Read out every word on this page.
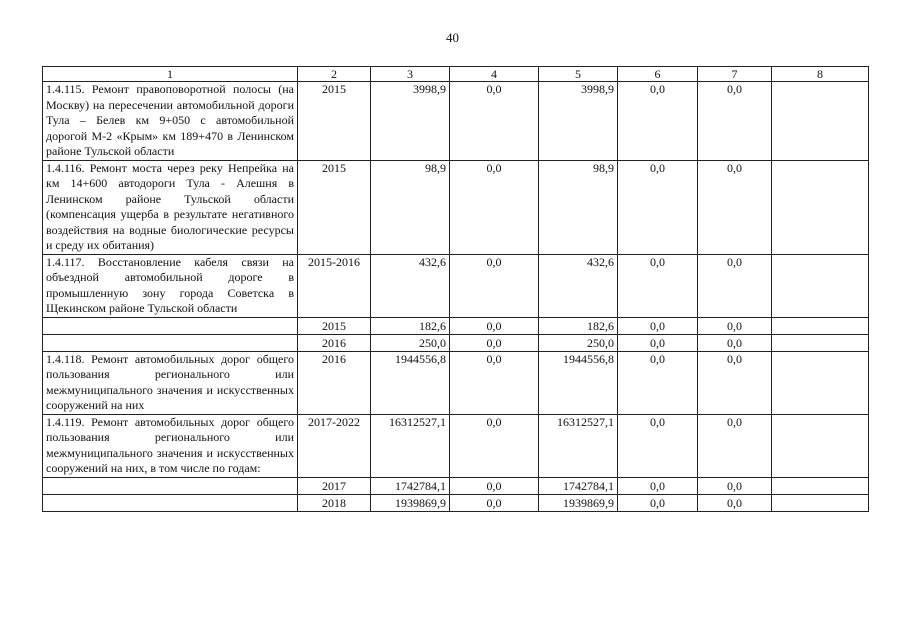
40
1	2	3	4	5	6	7	8
1.4.115. Ремонт правоповоротной полосы (на Москву) на пересечении автомобильной дороги Тула – Белев км 9+050 с автомобильной дорогой М-2 «Крым» км 189+470 в Ленинском районе Тульской области	2015	3998,9	0,0	3998,9	0,0	0,0	
1.4.116. Ремонт моста через реку Непрейка на км 14+600 автодороги Тула - Алешня в Ленинском районе Тульской области (компенсация ущерба в результате негативного воздействия на водные биологические ресурсы и среду их обитания)	2015	98,9	0,0	98,9	0,0	0,0	
1.4.117. Восстановление кабеля связи на объездной автомобильной дороге в промышленную зону города Советска в Щекинском районе Тульской области	2015-2016	432,6	0,0	432,6	0,0	0,0	
	2015	182,6	0,0	182,6	0,0	0,0	
	2016	250,0	0,0	250,0	0,0	0,0	
1.4.118. Ремонт автомобильных дорог общего пользования регионального или межмуниципального значения и искусственных сооружений на них	2016	1944556,8	0,0	1944556,8	0,0	0,0	
1.4.119. Ремонт автомобильных дорог общего пользования регионального или межмуниципального значения и искусственных сооружений на них, в том числе по годам:	2017-2022	16312527,1	0,0	16312527,1	0,0	0,0	
	2017	1742784,1	0,0	1742784,1	0,0	0,0	
	2018	1939869,9	0,0	1939869,9	0,0	0,0	
